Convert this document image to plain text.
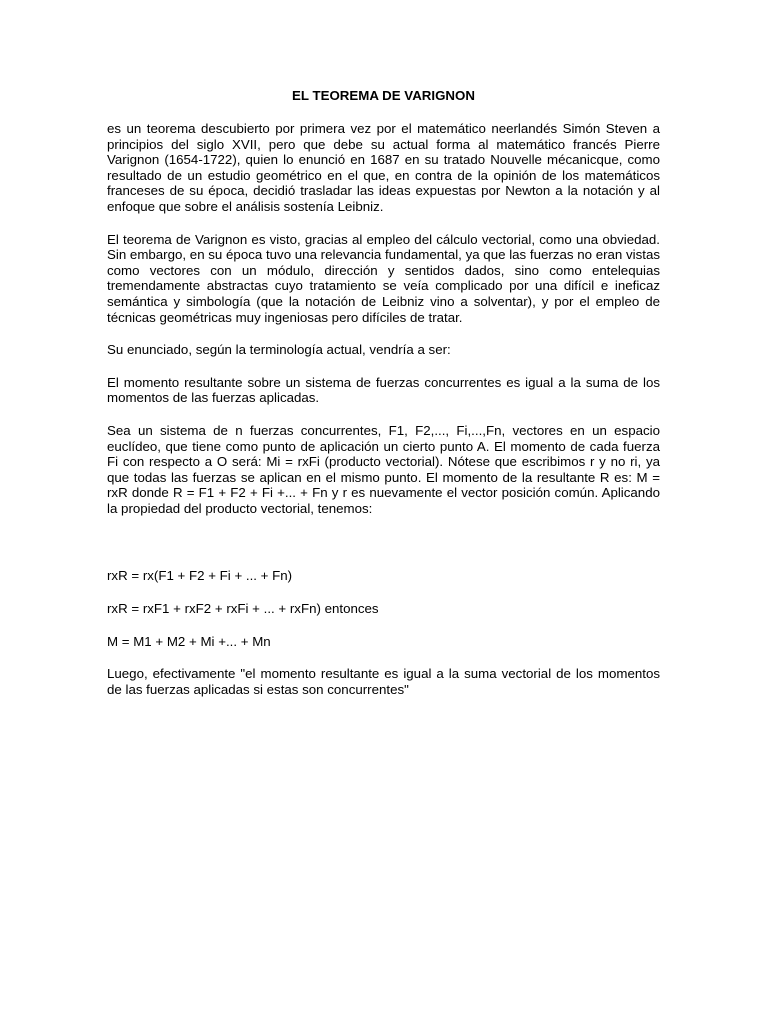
EL TEOREMA DE VARIGNON

es un teorema descubierto por primera vez por el matemático neerlandés Simón Steven a principios del siglo XVII, pero que debe su actual forma al matemático francés Pierre Varignon (1654-1722), quien lo enunció en 1687 en su tratado Nouvelle mécanicque, como resultado de un estudio geométrico en el que, en contra de la opinión de los matemáticos franceses de su época, decidió trasladar las ideas expuestas por Newton a la notación y al enfoque que sobre el análisis sostenía Leibniz.

El teorema de Varignon es visto, gracias al empleo del cálculo vectorial, como una obviedad. Sin embargo, en su época tuvo una relevancia fundamental, ya que las fuerzas no eran vistas como vectores con un módulo, dirección y sentidos dados, sino como entelequias tremendamente abstractas cuyo tratamiento se veía complicado por una difícil e ineficaz semántica y simbología (que la notación de Leibniz vino a solventar), y por el empleo de técnicas geométricas muy ingeniosas pero difíciles de tratar.

Su enunciado, según la terminología actual, vendría a ser:

El momento resultante sobre un sistema de fuerzas concurrentes es igual a la suma de los momentos de las fuerzas aplicadas.

Sea un sistema de n fuerzas concurrentes, F1, F2,..., Fi,...,Fn, vectores en un espacio euclídeo, que tiene como punto de aplicación un cierto punto A. El momento de cada fuerza Fi con respecto a O será: Mi = rxFi (producto vectorial). Nótese que escribimos r y no ri, ya que todas las fuerzas se aplican en el mismo punto. El momento de la resultante R es: M = rxR donde R = F1 + F2 + Fi +... + Fn y r es nuevamente el vector posición común. Aplicando la propiedad del producto vectorial, tenemos:

rxR = rx(F1 + F2 + Fi + ... + Fn)

rxR = rxF1 + rxF2 + rxFi + ... + rxFn) entonces

M = M1 + M2 + Mi +... + Mn

Luego, efectivamente "el momento resultante es igual a la suma vectorial de los momentos de las fuerzas aplicadas si estas son concurrentes"
